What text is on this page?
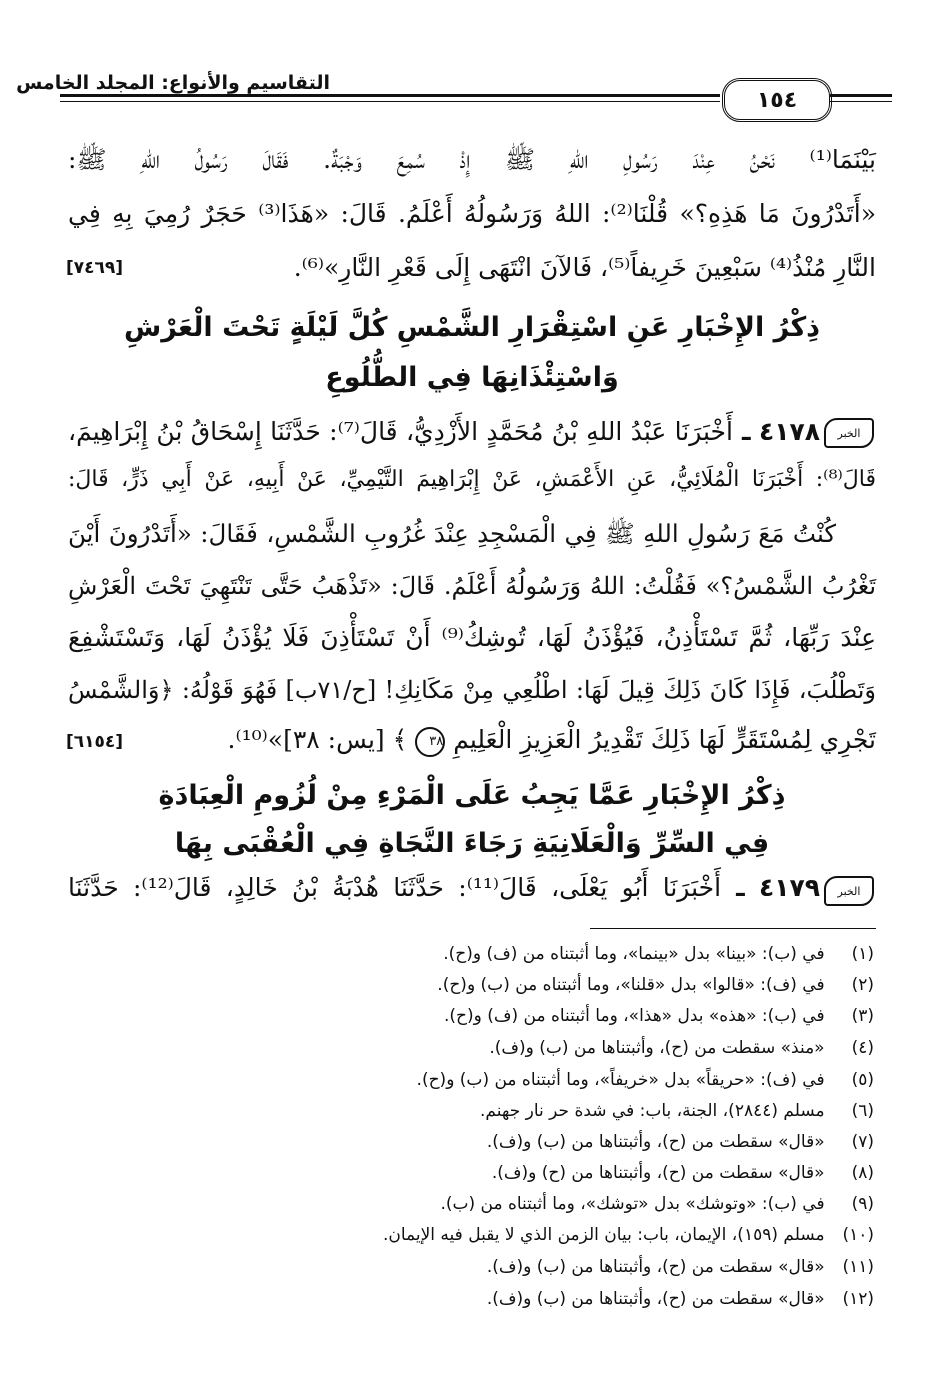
التقاسيم والأنواع: المجلد الخامس
١٥٤
بَيْنَمَا⁽¹⁾ نَحْنُ عِنْدَ رَسُولِ اللهِ ﷺ إِذْ سُمِعَ وَجْبَةٌ. فَقَالَ رَسُولُ اللهِ ﷺ:
«أَتَدْرُونَ مَا هَذِهِ؟» قُلْنَا⁽²⁾: اللهُ وَرَسُولُهُ أَعْلَمُ. قَالَ: «هَذَا⁽³⁾ حَجَرٌ رُمِيَ بِهِ فِي
النَّارِ مُنْذُ⁽⁴⁾ سَبْعِينَ خَرِيفاً⁽⁵⁾، فَالآنَ انْتَهَى إِلَى قَعْرِ النَّارِ»⁽⁶⁾.
[٧٤٦٩]
ذِكْرُ الإِخْبَارِ عَنِ اسْتِقْرَارِ الشَّمْسِ كُلَّ لَيْلَةٍ تَحْتَ الْعَرْشِ
وَاسْتِئْذَانِهَا فِي الطُّلُوعِ
الخبر
٤١٧٨ ـ أَخْبَرَنَا عَبْدُ اللهِ بْنُ مُحَمَّدٍ الأَزْدِيُّ، قَالَ⁽⁷⁾: حَدَّثَنَا إِسْحَاقُ بْنُ إِبْرَاهِيمَ،
قَالَ⁽⁸⁾: أَخْبَرَنَا الْمُلَائِيُّ، عَنِ الأَعْمَشِ، عَنْ إِبْرَاهِيمَ التَّيْمِيِّ، عَنْ أَبِيهِ، عَنْ أَبِي ذَرٍّ، قَالَ:
كُنْتُ مَعَ رَسُولِ اللهِ ﷺ فِي الْمَسْجِدِ عِنْدَ غُرُوبِ الشَّمْسِ، فَقَالَ: «أَتَدْرُونَ أَيْنَ
تَغْرُبُ الشَّمْسُ؟» فَقُلْتُ: اللهُ وَرَسُولُهُ أَعْلَمُ. قَالَ: «تَذْهَبُ حَتَّى تَنْتَهِيَ تَحْتَ الْعَرْشِ
عِنْدَ رَبِّهَا، ثُمَّ تَسْتَأْذِنُ، فَيُؤْذَنُ لَهَا، تُوشِكُ⁽⁹⁾ أَنْ تَسْتَأْذِنَ فَلَا يُؤْذَنُ لَهَا، وَتَسْتَشْفِعَ
وَتَطْلُبَ، فَإِذَا كَانَ ذَلِكَ قِيلَ لَهَا: اطْلُعِي مِنْ مَكَانِكِ! [ح/٧١ب] فَهُوَ قَوْلُهُ: ﴿وَالشَّمْسُ
تَجْرِي لِمُسْتَقَرٍّ لَهَا ذَلِكَ تَقْدِيرُ الْعَزِيزِ الْعَلِيمِ ٣٨ ﴾ [يس: ٣٨]»⁽¹⁰⁾.
[٦١٥٤]
ذِكْرُ الإِخْبَارِ عَمَّا يَجِبُ عَلَى الْمَرْءِ مِنْ لُزُومِ الْعِبَادَةِ
فِي السِّرِّ وَالْعَلَانِيَةِ رَجَاءَ النَّجَاةِ فِي الْعُقْبَى بِهَا
الخبر
٤١٧٩ ـ أَخْبَرَنَا أَبُو يَعْلَى، قَالَ⁽¹¹⁾: حَدَّثَنَا هُدْبَةُ بْنُ خَالِدٍ، قَالَ⁽¹²⁾: حَدَّثَنَا
(١) في (ب): «بينا» بدل «بينما»، وما أثبتناه من (ف) و(ح).
(٢) في (ف): «قالوا» بدل «قلنا»، وما أثبتناه من (ب) و(ح).
(٣) في (ب): «هذه» بدل «هذا»، وما أثبتناه من (ف) و(ح).
(٤) «منذ» سقطت من (ح)، وأثبتناها من (ب) و(ف).
(٥) في (ف): «حريقاً» بدل «خريفاً»، وما أثبتناه من (ب) و(ح).
(٦) مسلم (٢٨٤٤)، الجنة، باب: في شدة حر نار جهنم.
(٧) «قال» سقطت من (ح)، وأثبتناها من (ب) و(ف).
(٨) «قال» سقطت من (ح)، وأثبتناها من (ح) و(ف).
(٩) في (ب): «وتوشك» بدل «توشك»، وما أثبتناه من (ب).
(١٠) مسلم (١٥٩)، الإيمان، باب: بيان الزمن الذي لا يقبل فيه الإيمان.
(١١) «قال» سقطت من (ح)، وأثبتناها من (ب) و(ف).
(١٢) «قال» سقطت من (ح)، وأثبتناها من (ب) و(ف).
